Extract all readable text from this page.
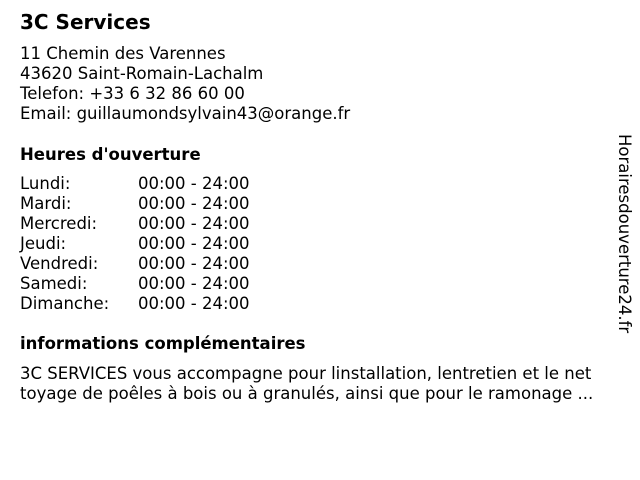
3C Services
11 Chemin des Varennes
43620 Saint-Romain-Lachalm
Telefon: +33 6 32 86 60 00
Email: guillaumondsylvain43@orange.fr
Heures d'ouverture
Lundi:	00:00 - 24:00
Mardi:	00:00 - 24:00
Mercredi:	00:00 - 24:00
Jeudi:	00:00 - 24:00
Vendredi:	00:00 - 24:00
Samedi:	00:00 - 24:00
Dimanche:	00:00 - 24:00
informations complémentaires
3C SERVICES vous accompagne pour linstallation, lentretien et le net
toyage de poêles à bois ou à granulés, ainsi que pour le ramonage ...
Horairesdouverture24.fr
